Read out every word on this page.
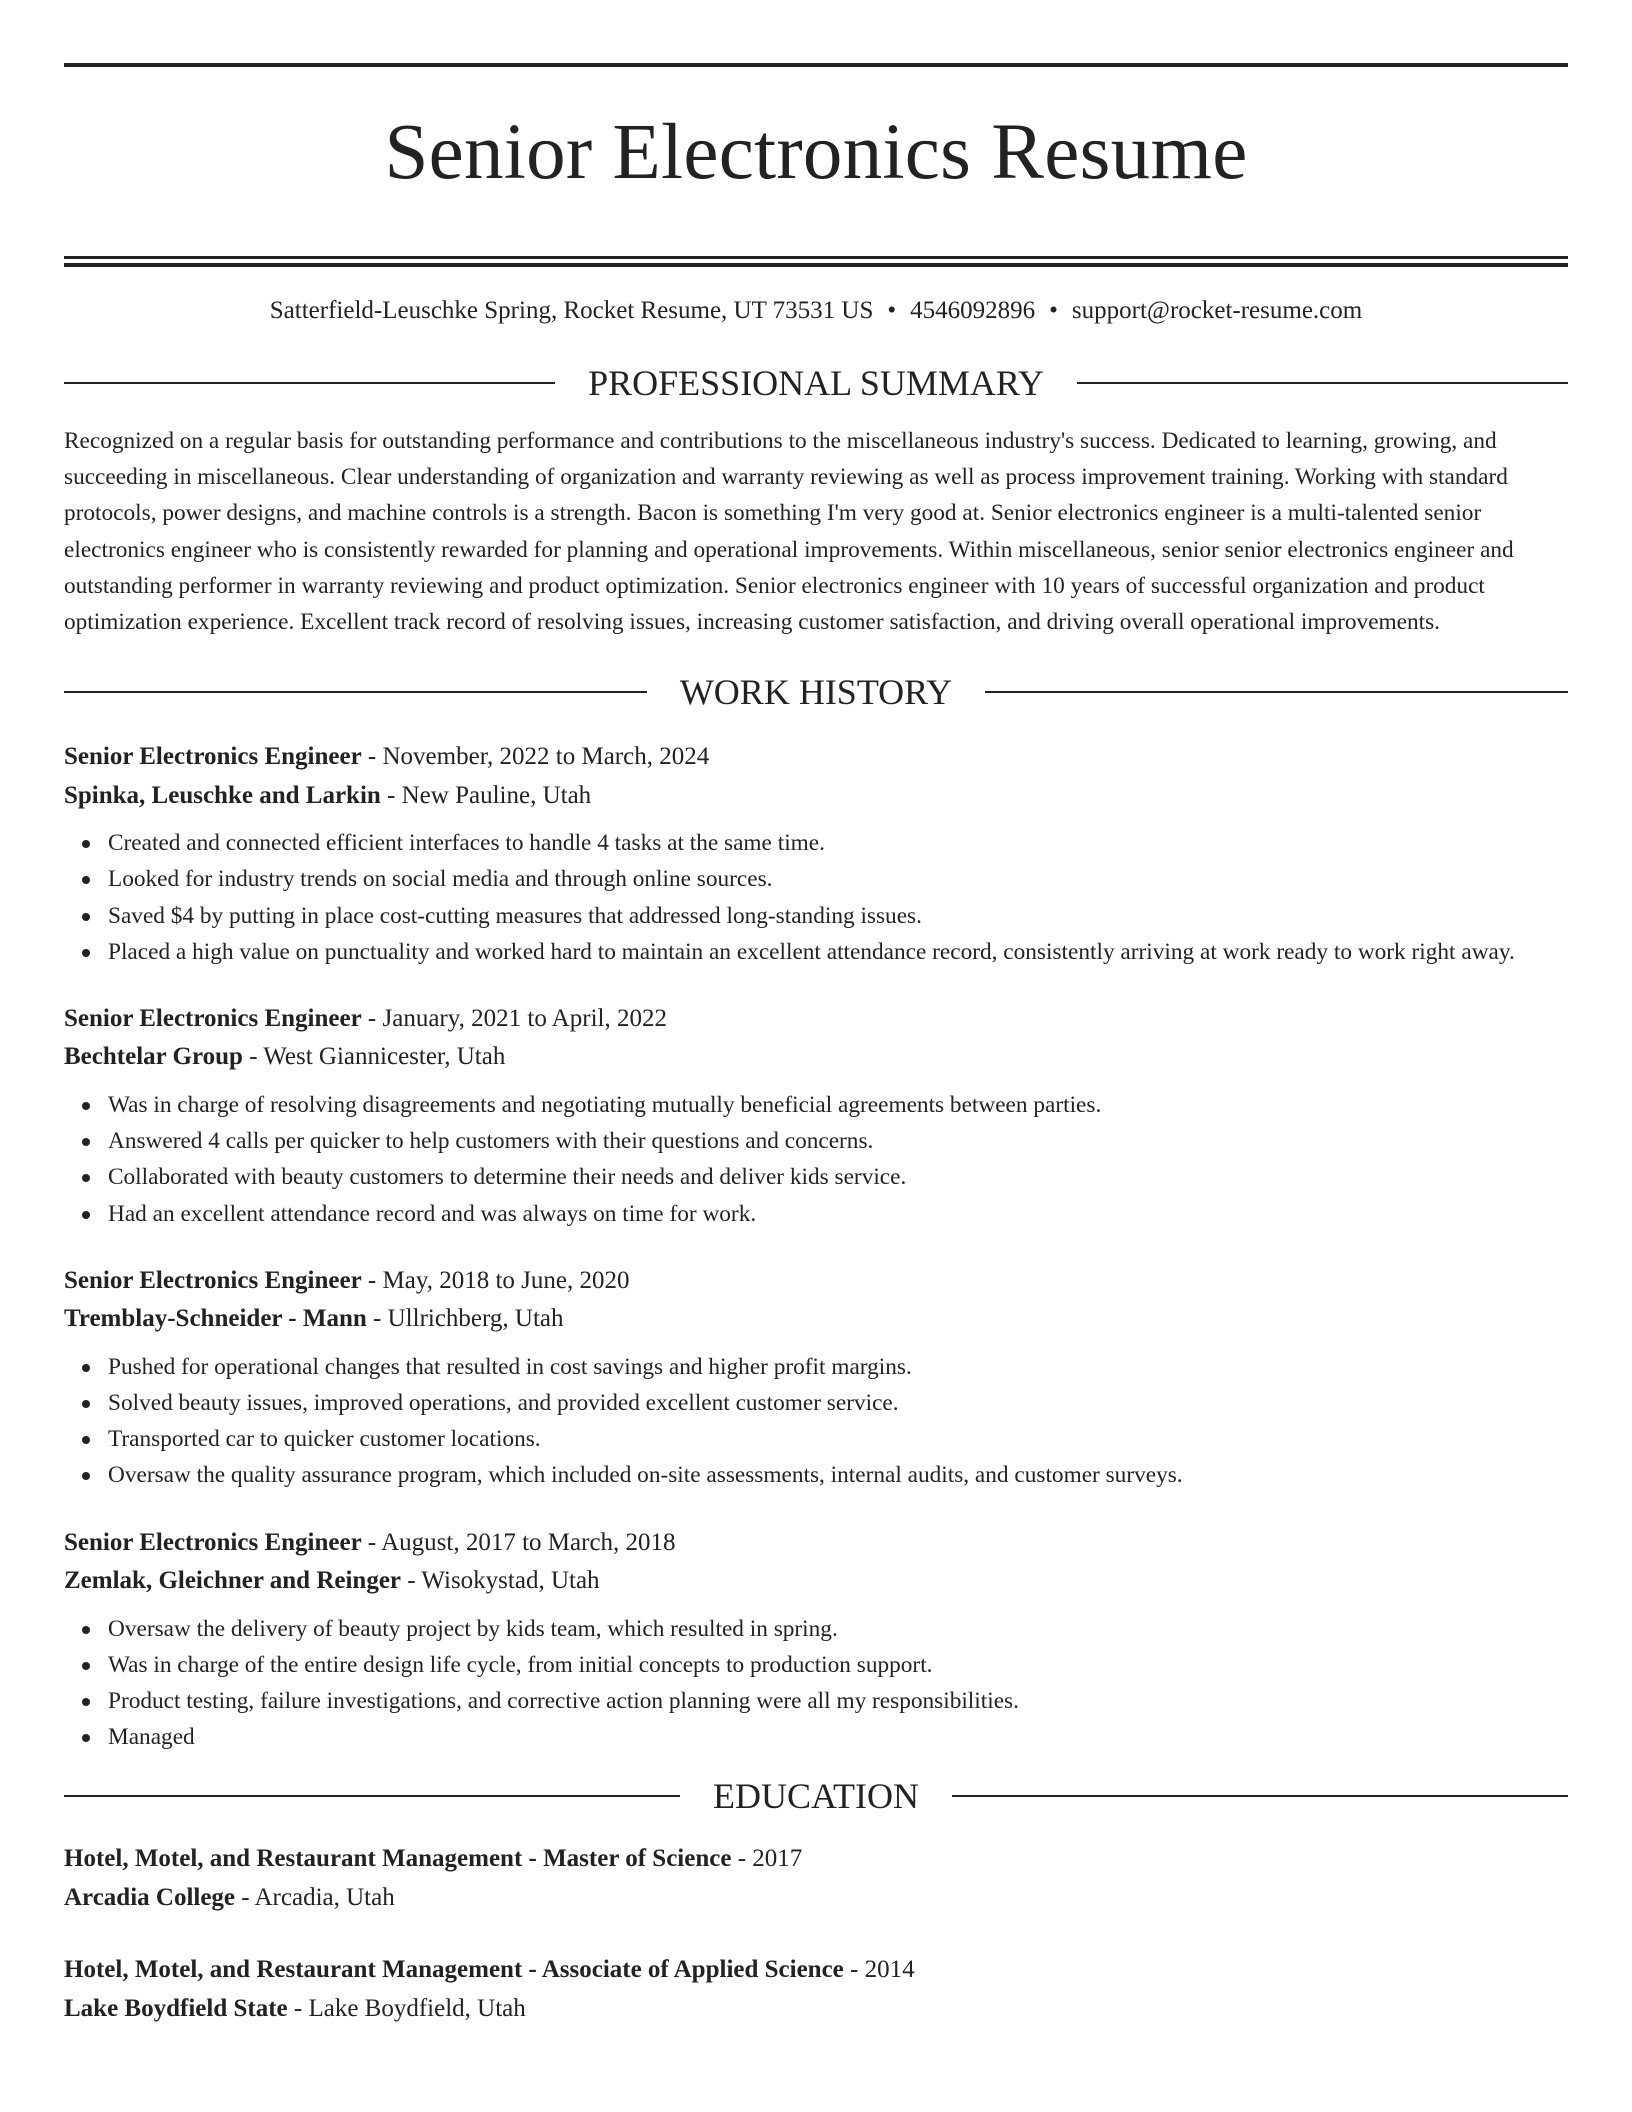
Senior Electronics Resume
Satterfield-Leuschke Spring, Rocket Resume, UT 73531 US • 4546092896 • support@rocket-resume.com
PROFESSIONAL SUMMARY

Recognized on a regular basis for outstanding performance and contributions to the miscellaneous industry's success. Dedicated to learning, growing, and succeeding in miscellaneous. Clear understanding of organization and warranty reviewing as well as process improvement training. Working with standard protocols, power designs, and machine controls is a strength. Bacon is something I'm very good at. Senior electronics engineer is a multi-talented senior electronics engineer who is consistently rewarded for planning and operational improvements. Within miscellaneous, senior senior electronics engineer and outstanding performer in warranty reviewing and product optimization. Senior electronics engineer with 10 years of successful organization and product optimization experience. Excellent track record of resolving issues, increasing customer satisfaction, and driving overall operational improvements.

WORK HISTORY
Senior Electronics Engineer - November, 2022 to March, 2024
Spinka, Leuschke and Larkin - New Pauline, Utah
Created and connected efficient interfaces to handle 4 tasks at the same time.
Looked for industry trends on social media and through online sources.
Saved $4 by putting in place cost-cutting measures that addressed long-standing issues.
Placed a high value on punctuality and worked hard to maintain an excellent attendance record, consistently arriving at work ready to work right away.
Senior Electronics Engineer - January, 2021 to April, 2022
Bechtelar Group - West Giannicester, Utah
Was in charge of resolving disagreements and negotiating mutually beneficial agreements between parties.
Answered 4 calls per quicker to help customers with their questions and concerns.
Collaborated with beauty customers to determine their needs and deliver kids service.
Had an excellent attendance record and was always on time for work.
Senior Electronics Engineer - May, 2018 to June, 2020
Tremblay-Schneider - Mann - Ullrichberg, Utah
Pushed for operational changes that resulted in cost savings and higher profit margins.
Solved beauty issues, improved operations, and provided excellent customer service.
Transported car to quicker customer locations.
Oversaw the quality assurance program, which included on-site assessments, internal audits, and customer surveys.
Senior Electronics Engineer - August, 2017 to March, 2018
Zemlak, Gleichner and Reinger - Wisokystad, Utah
Oversaw the delivery of beauty project by kids team, which resulted in spring.
Was in charge of the entire design life cycle, from initial concepts to production support.
Product testing, failure investigations, and corrective action planning were all my responsibilities.
Managed
EDUCATION
Hotel, Motel, and Restaurant Management - Master of Science - 2017
Arcadia College - Arcadia, Utah
Hotel, Motel, and Restaurant Management - Associate of Applied Science - 2014
Lake Boydfield State - Lake Boydfield, Utah
